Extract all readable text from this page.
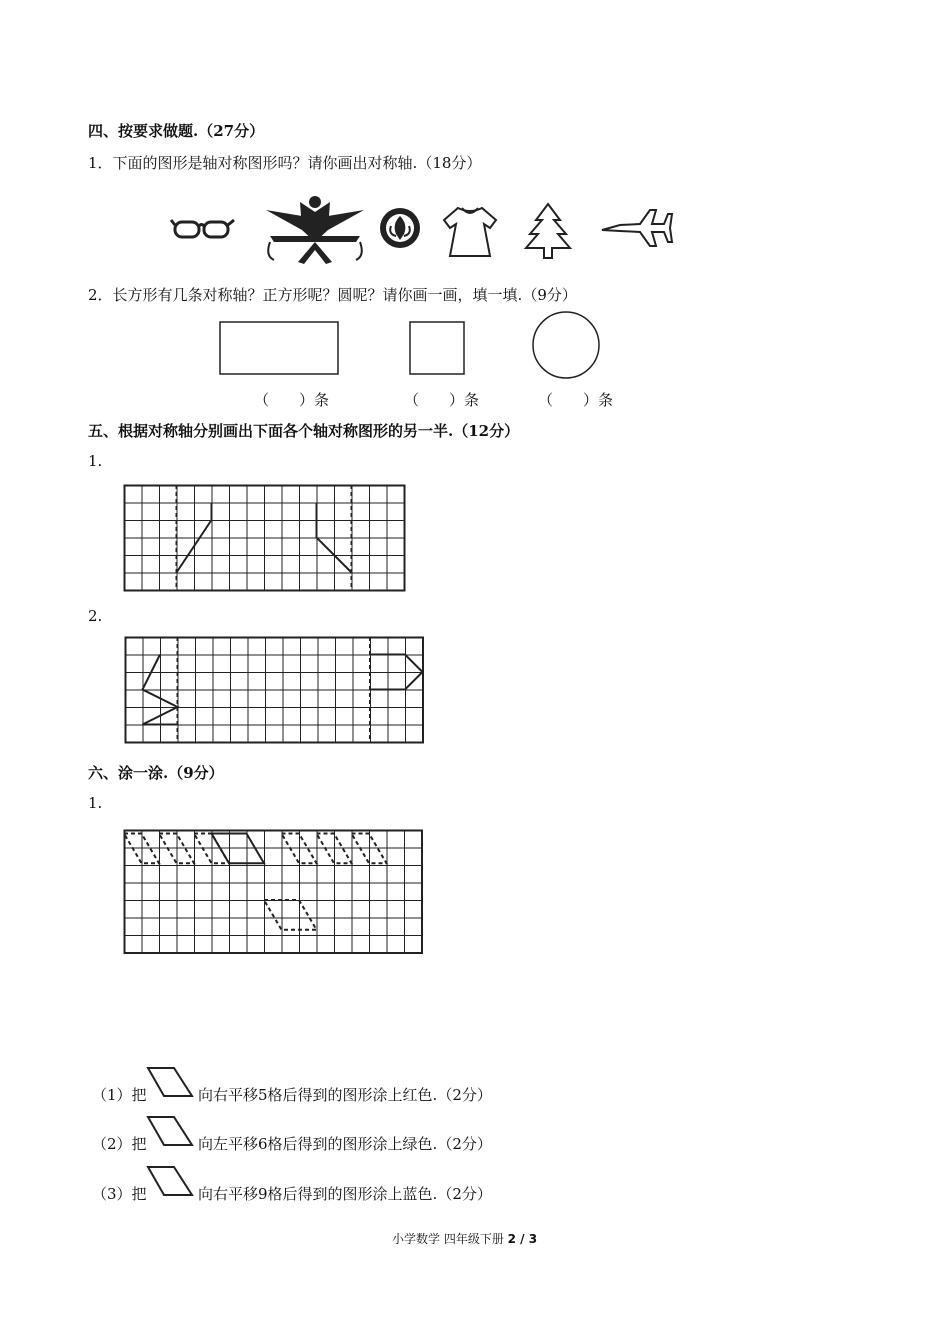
四、按要求做题.（27分）
1．下面的图形是轴对称图形吗？请你画出对称轴.（18分）
2．长方形有几条对称轴？正方形呢？圆呢？请你画一画，填一填.（9分）
（　　）条	（　　）条	（　　）条
五、根据对称轴分别画出下面各个轴对称图形的另一半.（12分）
1.
2.
六、涂一涂.（9分）
1.
（1）把	向右平移5格后得到的图形涂上红色.（2分）
（2）把	向左平移6格后得到的图形涂上绿色.（2分）
（3）把	向右平移9格后得到的图形涂上蓝色.（2分）
小学数学 四年级下册 2 / 3
